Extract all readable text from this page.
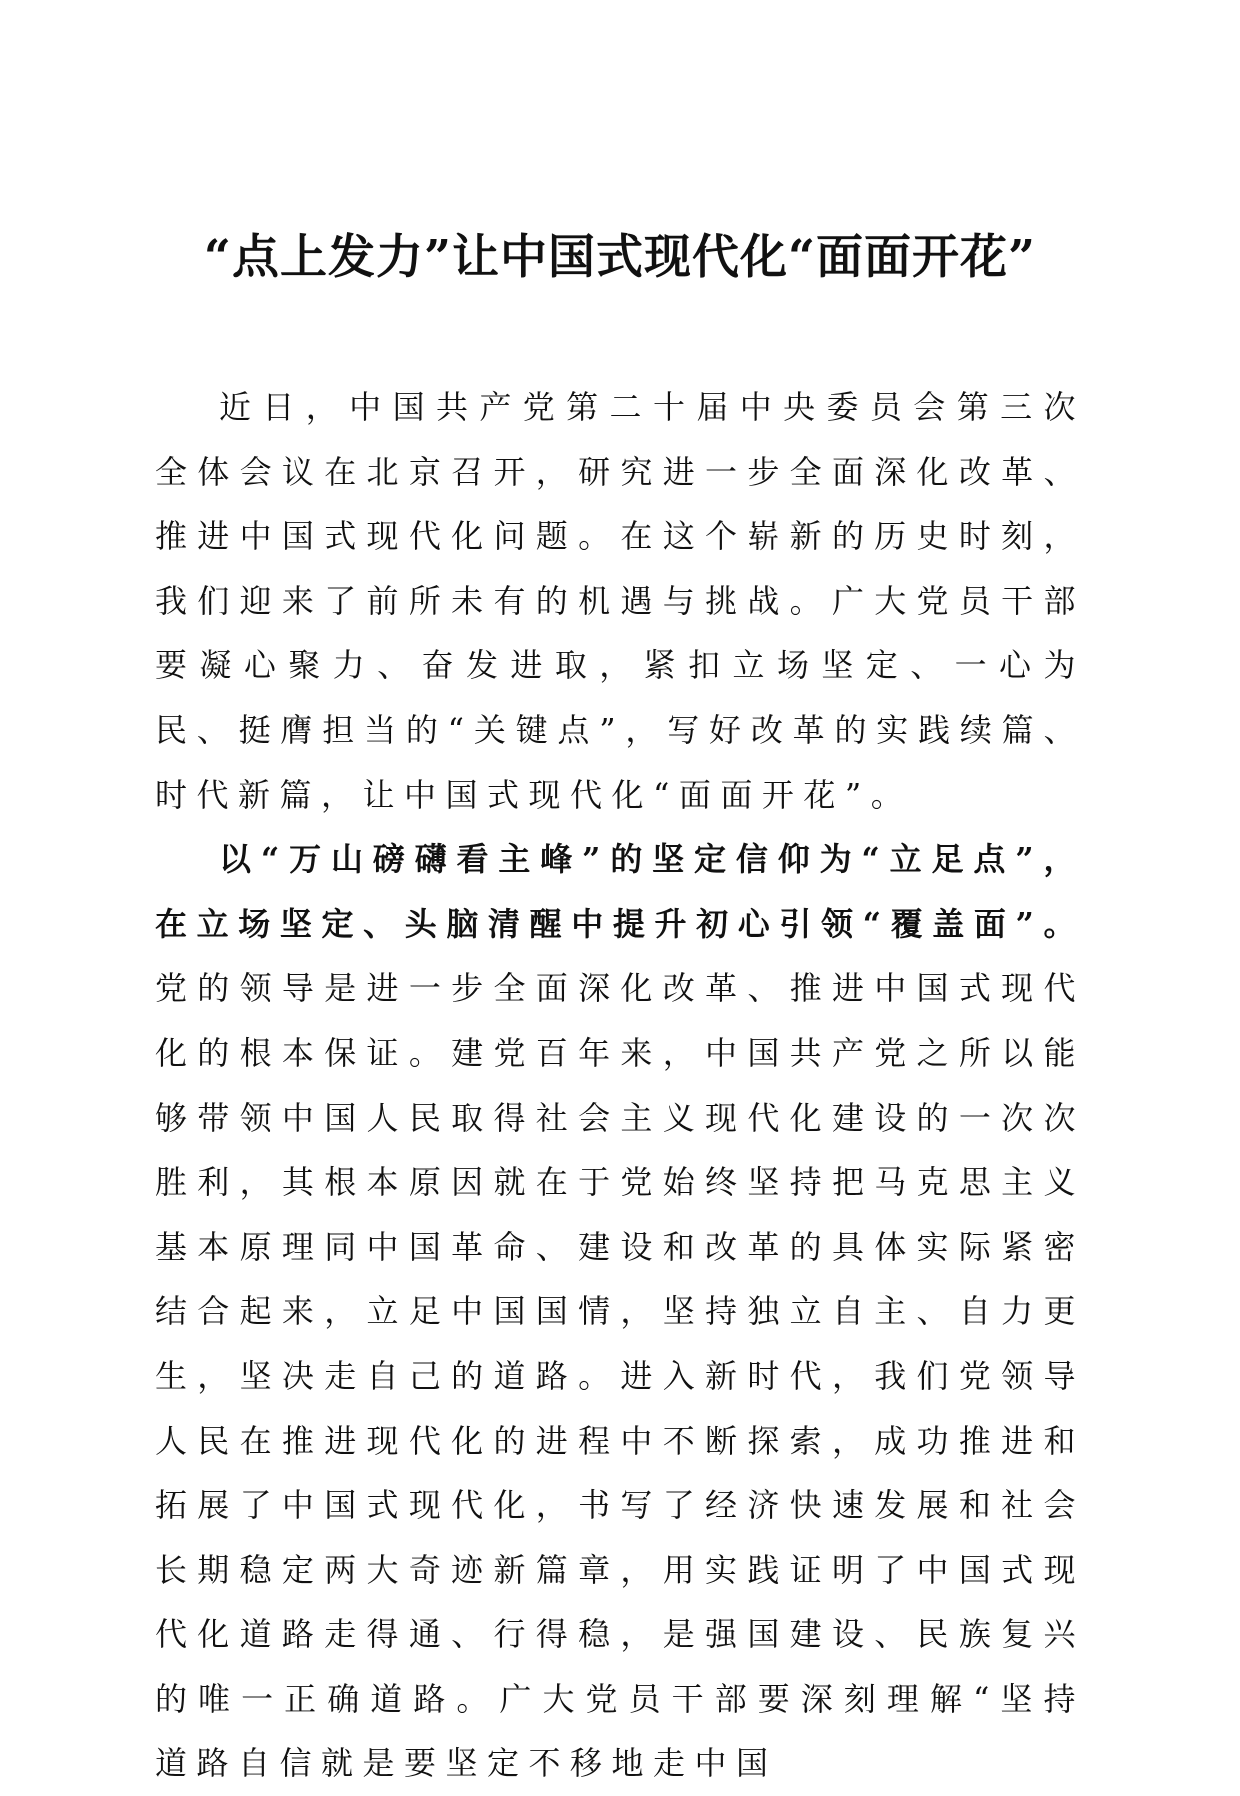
“点上发力”让中国式现代化“面面开花”

近日，中国共产党第二十届中央委员会第三次全体会议在北京召开，研究进一步全面深化改革、推进中国式现代化问题。在这个崭新的历史时刻，我们迎来了前所未有的机遇与挑战。广大党员干部要凝心聚力、奋发进取，紧扣立场坚定、一心为民、挺膺担当的“关键点”，写好改革的实践续篇、时代新篇，让中国式现代化“面面开花”。

以“万山磅礴看主峰”的坚定信仰为“立足点”，在立场坚定、头脑清醒中提升初心引领“覆盖面”。党的领导是进一步全面深化改革、推进中国式现代化的根本保证。建党百年来，中国共产党之所以能够带领中国人民取得社会主义现代化建设的一次次胜利，其根本原因就在于党始终坚持把马克思主义基本原理同中国革命、建设和改革的具体实际紧密结合起来，立足中国国情，坚持独立自主、自力更生，坚决走自己的道路。进入新时代，我们党领导人民在推进现代化的进程中不断探索，成功推进和拓展了中国式现代化，书写了经济快速发展和社会长期稳定两大奇迹新篇章，用实践证明了中国式现代化道路走得通、行得稳，是强国建设、民族复兴的唯一正确道路。广大党员干部要深刻理解“坚持道路自信就是要坚定不移地走中国
